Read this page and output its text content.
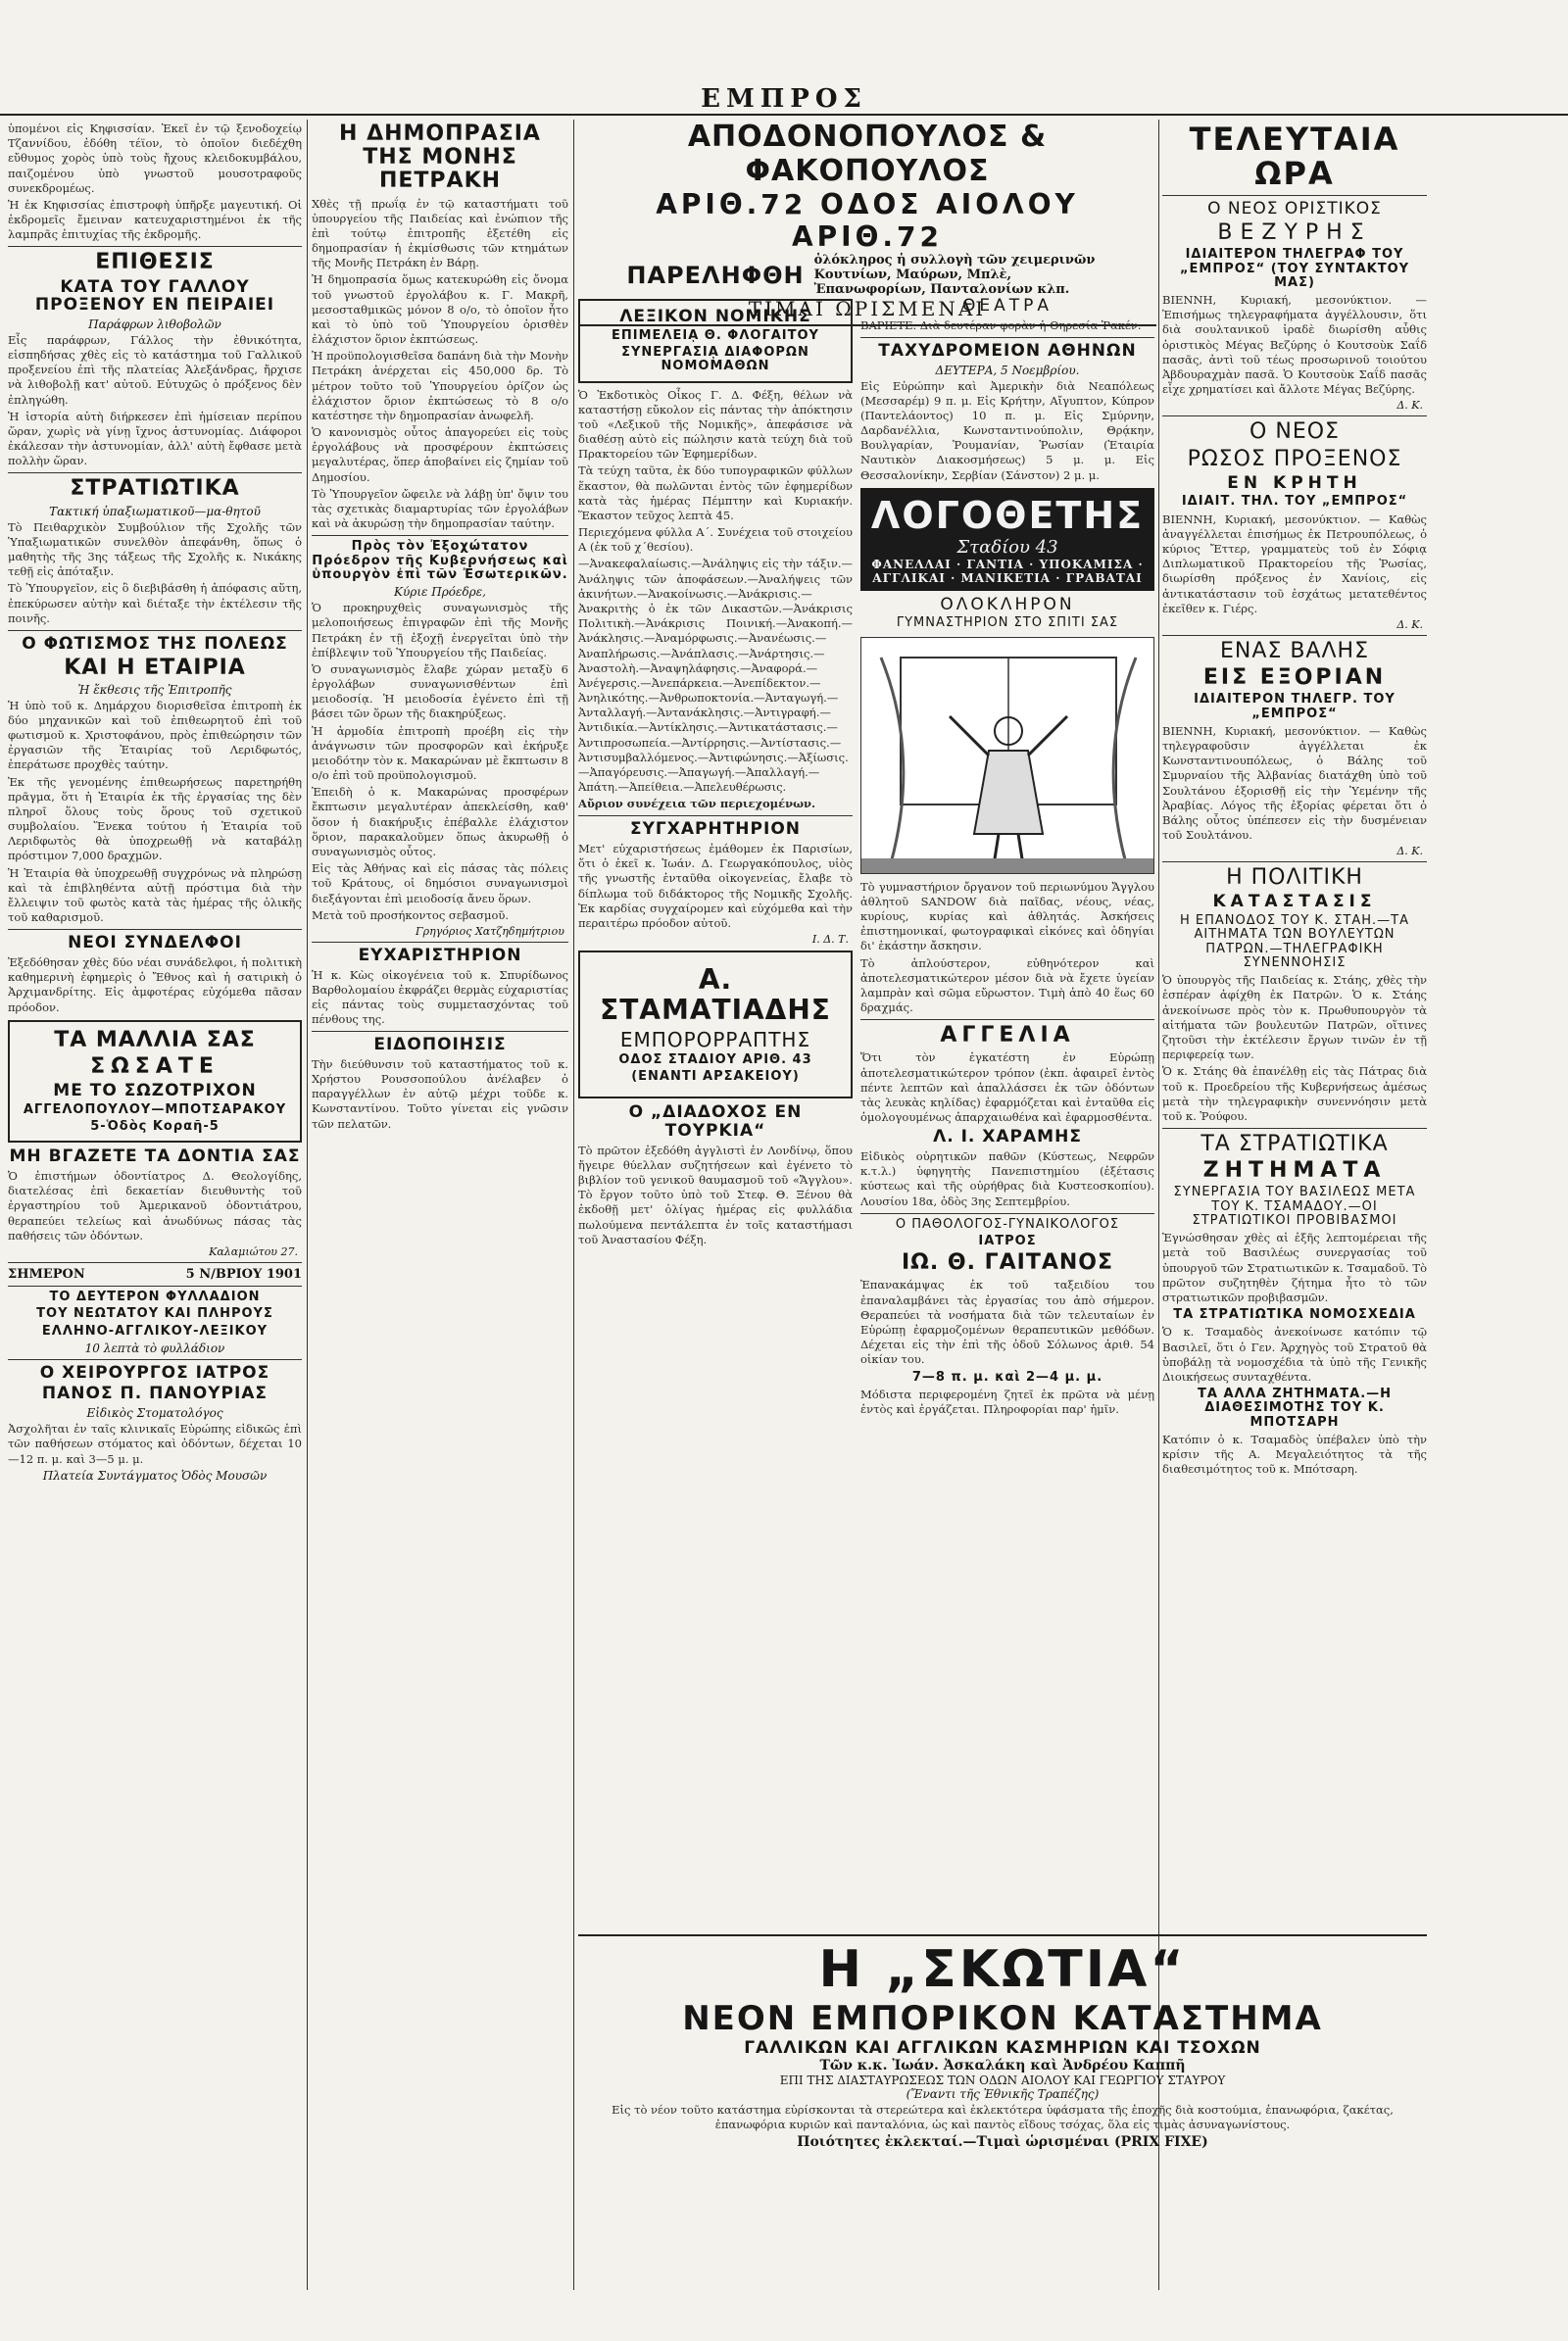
ΕΜΠΡΟΣ
ὑπομένοι εἰς Κηφισσίαν. Ἐκεῖ ἐν τῷ ξενοδοχείῳ Τζαννίδου, ἐδόθη τέϊον, τὸ ὁποῖον διεδέχθη εὔθυμος χορὸς ὑπὸ τοὺς ἤχους κλειδοκυμβάλου, παιζομένου ὑπὸ γνωστοῦ μουσοτραφοῦς συνεκδρομέως.
Ἡ ἐκ Κηφισσίας ἐπιστροφὴ ὑπῆρξε μαγευτική. Οἱ ἐκδρομεῖς ἔμειναν κατευχαριστημένοι ἐκ τῆς λαμπρᾶς ἐπιτυχίας τῆς ἐκδρομῆς.
ΕΠΙΘΕΣΙΣ
ΚΑΤΑ ΤΟΥ ΓΑΛΛΟΥ ΠΡΟΞΕΝΟΥ ΕΝ ΠΕΙΡΑΙΕΙ
Παράφρων λιθοβολῶν
Εἷς παράφρων, Γάλλος τὴν ἐθνικότητα, εἰσπηδήσας χθὲς εἰς τὸ κατάστημα τοῦ Γαλλικοῦ προξενείου ἐπὶ τῆς πλατείας Ἀλεξάνδρας, ἤρχισε νὰ λιθοβολῇ κατ' αὐτοῦ. Εὐτυχῶς ὁ πρόξενος δὲν ἐπληγώθη.
Ἡ ἱστορία αὐτὴ διήρκεσεν ἐπὶ ἡμίσειαν περίπου ὥραν, χωρὶς νὰ γίνῃ ἴχνος ἀστυνομίας. Διάφοροι ἐκάλεσαν τὴν ἀστυνομίαν, ἀλλ' αὐτὴ ἔφθασε μετὰ πολλὴν ὥραν.
ΣΤΡΑΤΙΩΤΙΚΑ
Τακτική ὑπαξιωματικοῦ—μα-θητοῦ
Τὸ Πειθαρχικὸν Συμβούλιον τῆς Σχολῆς τῶν Ὑπαξιωματικῶν συνελθὸν ἀπεφάνθη, ὅπως ὁ μαθητὴς τῆς 3ης τάξεως τῆς Σχολῆς κ. Νικάκης τεθῇ εἰς ἀπόταξιν.
Τὸ Ὑπουργεῖον, εἰς ὃ διεβιβάσθη ἡ ἀπόφασις αὕτη, ἐπεκύρωσεν αὐτὴν καὶ διέταξε τὴν ἐκτέλεσιν τῆς ποινῆς.
Ο ΦΩΤΙΣΜΟΣ ΤΗΣ ΠΟΛΕΩΣ
ΚΑΙ Η ΕΤΑΙΡΙΑ
Ἡ ἔκθεσις τῆς Ἐπιτροπῆς
Ἡ ὑπὸ τοῦ κ. Δημάρχου διορισθεῖσα ἐπιτροπὴ ἐκ δύο μηχανικῶν καὶ τοῦ ἐπιθεωρητοῦ ἐπὶ τοῦ φωτισμοῦ κ. Χριστοφάνου, πρὸς ἐπιθεώρησιν τῶν ἐργασιῶν τῆς Ἑταιρίας τοῦ Λεριδφωτός, ἐπεράτωσε προχθὲς ταύτην.
Ἐκ τῆς γενομένης ἐπιθεωρήσεως παρετηρήθη πρᾶγμα, ὅτι ἡ Ἑταιρία ἐκ τῆς ἐργασίας της δὲν πληροῖ ὅλους τοὺς ὅρους τοῦ σχετικοῦ συμβολαίου. Ἕνεκα τούτου ἡ Ἑταιρία τοῦ Λεριδφωτὸς θὰ ὑποχρεωθῇ νὰ καταβάλῃ πρόστιμον 7,000 δραχμῶν.
Ἡ Ἑταιρία θὰ ὑποχρεωθῇ συγχρόνως νὰ πληρώσῃ καὶ τὰ ἐπιβληθέντα αὐτῇ πρόστιμα διὰ τὴν ἔλλειψιν τοῦ φωτὸς κατὰ τὰς ἡμέρας τῆς ὁλικῆς τοῦ καθαρισμοῦ.
ΝΕΟΙ ΣΥΝΔΕΛΦΟΙ
Ἐξεδόθησαν χθὲς δύο νέαι συνάδελφοι, ἡ πολιτικὴ καθημερινὴ ἐφημερὶς ὁ Ἔθνος καὶ ἡ σατιρικὴ ὁ Ἀρχιμανδρίτης. Εἰς ἀμφοτέρας εὐχόμεθα πᾶσαν πρόοδον.
ΤΑ ΜΑΛΛΙΑ ΣΑΣ
ΣΩΣΑΤΕ
ΜΕ ΤΟ ΣΩΖΟΤΡΙΧΟΝ
ΑΓΓΕΛΟΠΟΥΛΟΥ—ΜΠΟΤΣΑΡΑΚΟΥ
5-Ὁδὸς Κοραῆ-5
ΜΗ ΒΓΑΖΕΤΕ ΤΑ ΔΟΝΤΙΑ ΣΑΣ
Ὁ ἐπιστήμων ὀδοντίατρος Δ. Θεολογίδης, διατελέσας ἐπὶ δεκαετίαν διευθυντὴς τοῦ ἐργαστηρίου τοῦ Ἀμερικανοῦ ὀδοντιάτρου, θεραπεύει τελείως καὶ ἀνωδύνως πάσας τὰς παθήσεις τῶν ὀδόντων.
Καλαμιώτου 27.
ΣΗΜΕΡΟΝ	5 Ν/ΒΡΙΟΥ 1901
ΤΟ ΔΕΥΤΕΡΟΝ ΦΥΛΛΑΔΙΟΝ
ΤΟΥ ΝΕΩΤΑΤΟΥ ΚΑΙ ΠΛΗΡΟΥΣ
ΕΛΛΗΝΟ-ΑΓΓΛΙΚΟΥ-ΛΕΞΙΚΟΥ
10 λεπτὰ τὸ φυλλάδιον
Ο ΧΕΙΡΟΥΡΓΟΣ ΙΑΤΡΟΣ
ΠΑΝΟΣ Π. ΠΑΝΟΥΡΙΑΣ
Εἰδικὸς Στοματολόγος
Ἀσχολῆται ἐν ταῖς κλινικαῖς Εὐρώπης εἰδικῶς ἐπὶ τῶν παθήσεων στόματος καὶ ὀδόντων, δέχεται 10—12 π. μ. καὶ 3—5 μ. μ.
Πλατεία Συντάγματος Ὁδὸς Μουσῶν
Η ΔΗΜΟΠΡΑΣΙΑ ΤΗΣ ΜΟΝΗΣ ΠΕΤΡΑΚΗ
Χθὲς τῇ πρωΐᾳ ἐν τῷ καταστήματι τοῦ ὑπουργείου τῆς Παιδείας καὶ ἐνώπιον τῆς ἐπὶ τούτῳ ἐπιτροπῆς ἐξετέθη εἰς δημοπρασίαν ἡ ἐκμίσθωσις τῶν κτημάτων τῆς Μονῆς Πετράκη ἐν Βάρῃ.
Ἡ δημοπρασία ὅμως κατεκυρώθη εἰς ὄνομα τοῦ γνωστοῦ ἐργολάβου κ. Γ. Μακρῆ, μεσοσταθμικῶς μόνον 8 ο/ο, τὸ ὁποῖον ἦτο καὶ τὸ ὑπὸ τοῦ Ὑπουργείου ὁρισθὲν ἐλάχιστον ὅριον ἐκπτώσεως.
Ἡ προϋπολογισθεῖσα δαπάνη διὰ τὴν Μονὴν Πετράκη ἀνέρχεται εἰς 450,000 δρ. Τὸ μέτρον τοῦτο τοῦ Ὑπουργείου ὁρίζον ὡς ἐλάχιστον ὅριον ἐκπτώσεως τὸ 8 ο/ο κατέστησε τὴν δημοπρασίαν ἀνωφελῆ.
Ὁ κανονισμὸς οὗτος ἀπαγορεύει εἰς τοὺς ἐργολάβους νὰ προσφέρουν ἐκπτώσεις μεγαλυτέρας, ὅπερ ἀποβαίνει εἰς ζημίαν τοῦ Δημοσίου.
Τὸ Ὑπουργεῖον ὤφειλε νὰ λάβῃ ὑπ' ὄψιν του τὰς σχετικὰς διαμαρτυρίας τῶν ἐργολάβων καὶ νὰ ἀκυρώσῃ τὴν δημοπρασίαν ταύτην.
Πρὸς τὸν Ἐξοχώτατον Πρόεδρον τῆς Κυβερνήσεως καὶ ὑπουργὸν ἐπὶ τῶν Ἐσωτερικῶν.
Κύριε Πρόεδρε,
Ὁ προκηρυχθεὶς συναγωνισμὸς τῆς μελοποιήσεως ἐπιγραφῶν ἐπὶ τῆς Μονῆς Πετράκη ἐν τῇ ἐξοχῇ ἐνεργεῖται ὑπὸ τὴν ἐπίβλεψιν τοῦ Ὑπουργείου τῆς Παιδείας.
Ὁ συναγωνισμὸς ἔλαβε χώραν μεταξὺ 6 ἐργολάβων συναγωνισθέντων ἐπὶ μειοδοσίᾳ. Ἡ μειοδοσία ἐγένετο ἐπὶ τῇ βάσει τῶν ὅρων τῆς διακηρύξεως.
Ἡ ἀρμοδία ἐπιτροπὴ προέβη εἰς τὴν ἀνάγνωσιν τῶν προσφορῶν καὶ ἐκήρυξε μειοδότην τὸν κ. Μακαρώναν μὲ ἔκπτωσιν 8 ο/ο ἐπὶ τοῦ προϋπολογισμοῦ.
Ἐπειδὴ ὁ κ. Μακαρώνας προσφέρων ἔκπτωσιν μεγαλυτέραν ἀπεκλείσθη, καθ' ὅσον ἡ διακήρυξις ἐπέβαλλε ἐλάχιστον ὅριον, παρακαλοῦμεν ὅπως ἀκυρωθῇ ὁ συναγωνισμὸς οὗτος.
Εἰς τὰς Ἀθήνας καὶ εἰς πάσας τὰς πόλεις τοῦ Κράτους, οἱ δημόσιοι συναγωνισμοὶ διεξάγονται ἐπὶ μειοδοσίᾳ ἄνευ ὅρων.
Μετὰ τοῦ προσήκοντος σεβασμοῦ.
Γρηγόριος Χατζηδημήτριου
ΕΥΧΑΡΙΣΤΗΡΙΟΝ
Ἡ κ. Κὼς οἰκογένεια τοῦ κ. Σπυρίδωνος Βαρθολομαίου ἐκφράζει θερμὰς εὐχαριστίας εἰς πάντας τοὺς συμμετασχόντας τοῦ πένθους της.
ΕΙΔΟΠΟΙΗΣΙΣ
Τὴν διεύθυνσιν τοῦ καταστήματος τοῦ κ. Χρήστου Ρουσσοπούλου ἀνέλαβεν ὁ παραγγέλλων ἐν αὐτῷ μέχρι τοῦδε κ. Κωνσταντίνου. Τοῦτο γίνεται εἰς γνῶσιν τῶν πελατῶν.
ΑΠΟΔΟΝΟΠΟΥΛΟΣ & ΦΑΚΟΠΟΥΛΟΣ
ΑΡΙΘ.72 ΟΔΟΣ ΑΙΟΛΟΥ ΑΡΙΘ.72
ΠΑΡΕΛΗΦΘΗ
ὁλόκληρος ἡ συλλογὴ τῶν χειμερινῶν Κουτνίων, Μαύρων, Μπλὲ, Ἐπανωφορίων, Πανταλονίων κλπ.
ΤΙΜΑΙ ΩΡΙΣΜΕΝΑΙ
ΛΕΞΙΚΟΝ ΝΟΜΙΚΗΣ
ΕΠΙΜΕΛΕΙᾼ Θ. ΦΛΟΓΑΙΤΟΥ
ΣΥΝΕΡΓΑΣΙᾼ ΔΙΑΦΟΡΩΝ ΝΟΜΟΜΑΘΩΝ
Ὁ Ἐκδοτικὸς Οἶκος Γ. Δ. Φέξη, θέλων νὰ καταστήσῃ εὔκολον εἰς πάντας τὴν ἀπόκτησιν τοῦ «Λεξικοῦ τῆς Νομικῆς», ἀπεφάσισε νὰ διαθέσῃ αὐτὸ εἰς πώλησιν κατὰ τεύχη διὰ τοῦ Πρακτορείου τῶν Ἐφημερίδων.
Τὰ τεύχη ταῦτα, ἐκ δύο τυπογραφικῶν φύλλων ἕκαστον, θὰ πωλῶνται ἐντὸς τῶν ἐφημερίδων κατὰ τὰς ἡμέρας Πέμπτην καὶ Κυριακήν. Ἕκαστον τεῦχος λεπτὰ 45.
Περιεχόμενα φύλλα Α΄. Συνέχεια τοῦ στοιχείου Α (ἐκ τοῦ χ΄θεσίου).
—Ἀνακεφαλαίωσις.—Ἀνάληψις εἰς τὴν τάξιν.—Ἀνάληψις τῶν ἀποφάσεων.—Ἀναλήψεις τῶν ἀκινήτων.—Ἀνακοίνωσις.—Ἀνάκρισις.—Ἀνακριτὴς ὁ ἐκ τῶν Δικαστῶν.—Ἀνάκρισις Πολιτικὴ.—Ἀνάκρισις Ποινική.—Ἀνακοπή.—Ἀνάκλησις.—Ἀναμόρφωσις.—Ἀνανέωσις.—Ἀναπλήρωσις.—Ἀνάπλασις.—Ἀνάρτησις.—Ἀναστολὴ.—Ἀναψηλάφησις.—Ἀναφορά.—Ἀνέγερσις.—Ἀνεπάρκεια.—Ἀνεπίδεκτον.—Ἀνηλικότης.—Ἀνθρωποκτονία.—Ἀνταγωγή.—Ἀνταλλαγή.—Ἀντανάκλησις.—Ἀντιγραφή.—Ἀντιδικία.—Ἀντίκλησις.—Ἀντικατάστασις.—Ἀντιπροσωπεία.—Ἀντίρρησις.—Ἀντίστασις.—Ἀντισυμβαλλόμενος.—Ἀντιφώνησις.—Ἀξίωσις.—Ἀπαγόρευσις.—Ἀπαγωγή.—Ἀπαλλαγή.—Ἀπάτη.—Ἀπείθεια.—Ἀπελευθέρωσις.
Αὔριον συνέχεια τῶν περιεχομένων.
ΣΥΓΧΑΡΗΤΗΡΙΟΝ
Μετ' εὐχαριστήσεως ἐμάθομεν ἐκ Παρισίων, ὅτι ὁ ἐκεῖ κ. Ἰωάν. Δ. Γεωργακόπουλος, υἱὸς τῆς γνωστῆς ἐνταῦθα οἰκογενείας, ἔλαβε τὸ δίπλωμα τοῦ διδάκτορος τῆς Νομικῆς Σχολῆς. Ἐκ καρδίας συγχαίρομεν καὶ εὐχόμεθα καὶ τὴν περαιτέρω πρόοδον αὐτοῦ.
Ι. Δ. Τ.
Α. ΣΤΑΜΑΤΙΑΔΗΣ
ΕΜΠΟΡΟΡΡΑΠΤΗΣ
ΟΔΟΣ ΣΤΑΔΙΟΥ ΑΡΙΘ. 43
(ΕΝΑΝΤΙ ΑΡΣΑΚΕΙΟΥ)
Ο „ΔΙΑΔΟΧΟΣ ΕΝ ΤΟΥΡΚΙΑ“
Τὸ πρῶτον ἐξεδόθη ἀγγλιστὶ ἐν Λονδίνῳ, ὅπου ἤγειρε θύελλαν συζητήσεων καὶ ἐγένετο τὸ βιβλίον τοῦ γενικοῦ θαυμασμοῦ τοῦ «Ἄγγλου». Τὸ ἔργον τοῦτο ὑπὸ τοῦ Στεφ. Θ. Ξένου θὰ ἐκδοθῇ μετ' ὀλίγας ἡμέρας εἰς φυλλάδια πωλούμενα πεντάλεπτα ἐν τοῖς καταστήμασι τοῦ Ἀναστασίου Φέξη.
ΘΕΑΤΡΑ
ΒΑΡΙΕΤΕ. Διὰ δευτέραν φορὰν ἡ Θηρεσία Ῥακέν.
ΤΑΧΥΔΡΟΜΕΙΟΝ ΑΘΗΝΩΝ
ΔΕΥΤΕΡΑ, 5 Νοεμβρίου.
Εἰς Εὐρώπην καὶ Ἀμερικὴν διὰ Νεαπόλεως (Μεσσαρέμ) 9 π. μ. Εἰς Κρήτην, Αἴγυπτον, Κύπρον (Παντελάοντος) 10 π. μ. Εἰς Σμύρνην, Δαρδανέλλια, Κωνσταντινούπολιν, Θρᾴκην, Βουλγαρίαν, Ῥουμανίαν, Ῥωσίαν (Ἑταιρία Ναυτικὸν Διακοσμήσεως) 5 μ. μ. Εἰς Θεσσαλονίκην, Σερβίαν (Σάνστον) 2 μ. μ.
ΛΟΓΟΘΕΤΗΣ
Σταδίου 43
ΦΑΝΕΛΛΑΙ · ΓΑΝΤΙΑ · ΥΠΟΚΑΜΙΣΑ · ΑΓΓΛΙΚΑΙ · ΜΑΝΙΚΕΤΙΑ · ΓΡΑΒΑΤΑΙ
ΟΛΟΚΛΗΡΟΝ
ΓΥΜΝΑΣΤΗΡΙΟΝ ΣΤΟ ΣΠΙΤΙ ΣΑΣ
Τὸ γυμναστήριον ὄργανον τοῦ περιωνύμου Ἄγγλου ἀθλητοῦ SANDOW διὰ παῖδας, νέους, νέας, κυρίους, κυρίας καὶ ἀθλητάς. Ἀσκήσεις ἐπιστημονικαί, φωτογραφικαὶ εἰκόνες καὶ ὁδηγίαι δι' ἑκάστην ἄσκησιν.
Τὸ ἁπλούστερον, εὐθηνότερον καὶ ἀποτελεσματικώτερον μέσον διὰ νὰ ἔχετε ὑγείαν λαμπρὰν καὶ σῶμα εὔρωστον. Τιμὴ ἀπὸ 40 ἕως 60 δραχμάς.
ΑΓΓΕΛΙΑ
Ὅτι τὸν ἐγκατέστη ἐν Εὐρώπῃ ἀποτελεσματικώτερον τρόπον (ἐκπ. ἀφαιρεῖ ἐντὸς πέντε λεπτῶν καὶ ἀπαλλάσσει ἐκ τῶν ὀδόντων τὰς λευκὰς κηλίδας) ἐφαρμόζεται καὶ ἐνταῦθα εἰς ὁμολογουμένως ἀπαρχαιωθένα καὶ ἐφαρμοσθέντα.
Λ. Ι. ΧΑΡΑΜΗΣ
Εἰδικὸς οὐρητικῶν παθῶν (Κύστεως, Νεφρῶν κ.τ.λ.) ὑφηγητὴς Πανεπιστημίου (ἐξέτασις κύστεως καὶ τῆς οὐρήθρας διὰ Κυστεοσκοπίου). Λουσίου 18α, ὁδὸς 3ης Σεπτεμβρίου.
Ο ΠΑΘΟΛΟΓΟΣ-ΓΥΝΑΙΚΟΛΟΓΟΣ
ΙΑΤΡΟΣ
ΙΩ. Θ. ΓΑΙΤΑΝΟΣ
Ἐπανακάμψας ἐκ τοῦ ταξειδίου του ἐπαναλαμβάνει τὰς ἐργασίας του ἀπὸ σήμερον. Θεραπεύει τὰ νοσήματα διὰ τῶν τελευταίων ἐν Εὐρώπῃ ἐφαρμοζομένων θεραπευτικῶν μεθόδων. Δέχεται εἰς τὴν ἐπὶ τῆς ὁδοῦ Σόλωνος ἀριθ. 54 οἰκίαν του.
7—8 π. μ. καὶ 2—4 μ. μ.
Μόδιστα περιφερομένη ζητεῖ ἐκ πρῶτα νὰ μένῃ ἐντὸς καὶ ἐργάζεται. Πληροφορίαι παρ' ἡμῖν.
ΤΕΛΕΥΤΑΙΑ ΩΡΑ
Ο ΝΕΟΣ ΟΡΙΣΤΙΚΟΣ
ΒΕΖΥΡΗΣ
ΙΔΙΑΙΤΕΡΟΝ ΤΗΛΕΓΡΑΦ ΤΟΥ „ΕΜΠΡΟΣ“ (ΤΟΥ ΣΥΝΤΑΚΤΟΥ ΜΑΣ)
ΒΙΕΝΝΗ, Κυριακή, μεσονύκτιον. — Ἐπισήμως τηλεγραφήματα ἀγγέλλουσιν, ὅτι διὰ σουλτανικοῦ ἰραδὲ διωρίσθη αὖθις ὁριστικὸς Μέγας Βεζύρης ὁ Κουτσοὺκ Σαΐδ πασᾶς, ἀντὶ τοῦ τέως προσωρινοῦ τοιούτου Ἀβδουραχμὰν πασᾶ. Ὁ Κουτσοὺκ Σαΐδ πασᾶς εἶχε χρηματίσει καὶ ἄλλοτε Μέγας Βεζύρης.
Δ. Κ.
Ο ΝΕΟΣ
ΡΩΣΟΣ ΠΡΟΞΕΝΟΣ
ΕΝ ΚΡΗΤΗ
ΙΔΙΑΙΤ. ΤΗΛ. ΤΟΥ „ΕΜΠΡΟΣ“
ΒΙΕΝΝΗ, Κυριακή, μεσονύκτιον. — Καθὼς ἀναγγέλλεται ἐπισήμως ἐκ Πετρουπόλεως, ὁ κύριος Ἔττερ, γραμματεὺς τοῦ ἐν Σόφιᾳ Διπλωματικοῦ Πρακτορείου τῆς Ῥωσίας, διωρίσθη πρόξενος ἐν Χανίοις, εἰς ἀντικατάστασιν τοῦ ἐσχάτως μετατεθέντος ἐκεῖθεν κ. Γιέρς.
Δ. Κ.
ΕΝΑΣ ΒΑΛΗΣ
ΕΙΣ ΕΞΟΡΙΑΝ
ΙΔΙΑΙΤΕΡΟΝ ΤΗΛΕΓΡ. ΤΟΥ „ΕΜΠΡΟΣ“
ΒΙΕΝΝΗ, Κυριακή, μεσονύκτιον. — Καθὼς τηλεγραφοῦσιν ἀγγέλλεται ἐκ Κωνσταντινουπόλεως, ὁ Βάλης τοῦ Σμυρναίου τῆς Ἀλβανίας διατάχθη ὑπὸ τοῦ Σουλτάνου ἐξορισθῇ εἰς τὴν Ὑεμένην τῆς Ἀραβίας. Λόγος τῆς ἐξορίας φέρεται ὅτι ὁ Βάλης οὗτος ὑπέπεσεν εἰς τὴν δυσμένειαν τοῦ Σουλτάνου.
Δ. Κ.
Η ΠΟΛΙΤΙΚΗ
ΚΑΤΑΣΤΑΣΙΣ
Η ΕΠΑΝΟΔΟΣ ΤΟΥ Κ. ΣΤΑΗ.—ΤΑ ΑΙΤΗΜΑΤΑ ΤΩΝ ΒΟΥΛΕΥΤΩΝ ΠΑΤΡΩΝ.—ΤΗΛΕΓΡΑΦΙΚΗ ΣΥΝΕΝΝΟΗΣΙΣ
Ὁ ὑπουργὸς τῆς Παιδείας κ. Στάης, χθὲς τὴν ἑσπέραν ἀφίχθη ἐκ Πατρῶν. Ὁ κ. Στάης ἀνεκοίνωσε πρὸς τὸν κ. Πρωθυπουργὸν τὰ αἰτήματα τῶν βουλευτῶν Πατρῶν, οἵτινες ζητοῦσι τὴν ἐκτέλεσιν ἔργων τινῶν ἐν τῇ περιφερείᾳ των.
Ὁ κ. Στάης θὰ ἐπανέλθῃ εἰς τὰς Πάτρας διὰ τοῦ κ. Προεδρείου τῆς Κυβερνήσεως ἀμέσως μετὰ τὴν τηλεγραφικὴν συνεννόησιν μετὰ τοῦ κ. Ῥούφου.
ΤΑ ΣΤΡΑΤΙΩΤΙΚΑ
ΖΗΤΗΜΑΤΑ
ΣΥΝΕΡΓΑΣΙΑ ΤΟΥ ΒΑΣΙΛΕΩΣ ΜΕΤΑ ΤΟΥ Κ. ΤΣΑΜΑΔΟΥ.—ΟΙ ΣΤΡΑΤΙΩΤΙΚΟΙ ΠΡΟΒΙΒΑΣΜΟΙ
Ἐγνώσθησαν χθὲς αἱ ἐξῆς λεπτομέρειαι τῆς μετὰ τοῦ Βασιλέως συνεργασίας τοῦ ὑπουργοῦ τῶν Στρατιωτικῶν κ. Τσαμαδοῦ. Τὸ πρῶτον συζητηθὲν ζήτημα ἦτο τὸ τῶν στρατιωτικῶν προβιβασμῶν.
ΤΑ ΣΤΡΑΤΙΩΤΙΚΑ ΝΟΜΟΣΧΕΔΙΑ
Ὁ κ. Τσαμαδὸς ἀνεκοίνωσε κατόπιν τῷ Βασιλεῖ, ὅτι ὁ Γεν. Ἀρχηγὸς τοῦ Στρατοῦ θὰ ὑποβάλῃ τὰ νομοσχέδια τὰ ὑπὸ τῆς Γενικῆς Διοικήσεως συνταχθέντα.
ΤΑ ΑΛΛΑ ΖΗΤΗΜΑΤΑ.—Η ΔΙΑΘΕΣΙΜΟΤΗΣ ΤΟΥ Κ. ΜΠΟΤΣΑΡΗ
Κατόπιν ὁ κ. Τσαμαδὸς ὑπέβαλεν ὑπὸ τὴν κρίσιν τῆς Α. Μεγαλειότητος τὰ τῆς διαθεσιμότητος τοῦ κ. Μπότσαρη.
Η „ΣΚΩΤΙΑ“
ΝΕΟΝ ΕΜΠΟΡΙΚΟΝ ΚΑΤΑΣΤΗΜΑ
ΓΑΛΛΙΚΩΝ ΚΑΙ ΑΓΓΛΙΚΩΝ ΚΑΣΜΗΡΙΩΝ ΚΑΙ ΤΣΟΧΩΝ
Τῶν κ.κ. Ἰωάν. Ἀσκαλάκη καὶ Ἀνδρέου Καππῆ
ΕΠΙ ΤΗΣ ΔΙΑΣΤΑΥΡΩΣΕΩΣ ΤΩΝ ΟΔΩΝ ΑΙΟΛΟΥ ΚΑΙ ΓΕΩΡΓΙΟΥ ΣΤΑΥΡΟΥ
(Ἔναντι τῆς Ἐθνικῆς Τραπέζης)
Εἰς τὸ νέον τοῦτο κατάστημα εὑρίσκονται τὰ στερεώτερα καὶ ἐκλεκτότερα ὑφάσματα τῆς ἐποχῆς διὰ κοστούμια, ἐπανωφόρια, ζακέτας, ἐπανωφόρια κυριῶν καὶ πανταλόνια, ὡς καὶ παντὸς εἴδους τσόχας, ὅλα εἰς τιμὰς ἀσυναγωνίστους.
Ποιότητες ἐκλεκταί.—Τιμαὶ ὡρισμέναι (PRIX FIXE)
